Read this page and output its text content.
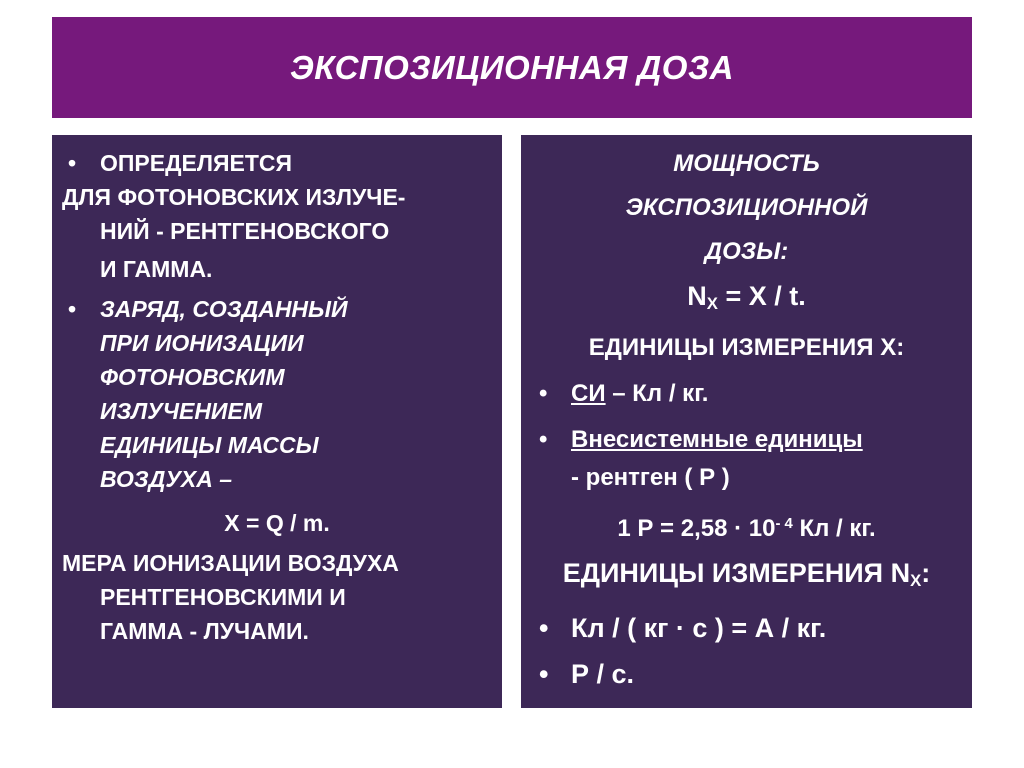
ЭКСПОЗИЦИОННАЯ ДОЗА
• ОПРЕДЕЛЯЕТСЯ
ДЛЯ ФОТОНОВСКИХ ИЗЛУЧЕ-
НИЙ - РЕНТГЕНОВСКОГО
И ГАММА.
• ЗАРЯД, СОЗДАННЫЙ
ПРИ ИОНИЗАЦИИ
ФОТОНОВСКИМ
ИЗЛУЧЕНИЕМ
ЕДИНИЦЫ МАССЫ
ВОЗДУХА –
X = Q / m.
МЕРА ИОНИЗАЦИИ ВОЗДУХА
РЕНТГЕНОВСКИМИ И
ГАММА - ЛУЧАМИ.
МОЩНОСТЬ
ЭКСПОЗИЦИОННОЙ
ДОЗЫ:
$N_X = X / t$.
ЕДИНИЦЫ ИЗМЕРЕНИЯ X:
• СИ – Кл / кг.
• Внесистемные единицы
- рентген ( Р )
1 $Р = 2,58 \cdot 10^{- 4}$ Кл / кг.
ЕДИНИЦЫ ИЗМЕРЕНИЯ $N_X$:
• Кл / ( кг · с ) = А / кг.
• Р / с.
